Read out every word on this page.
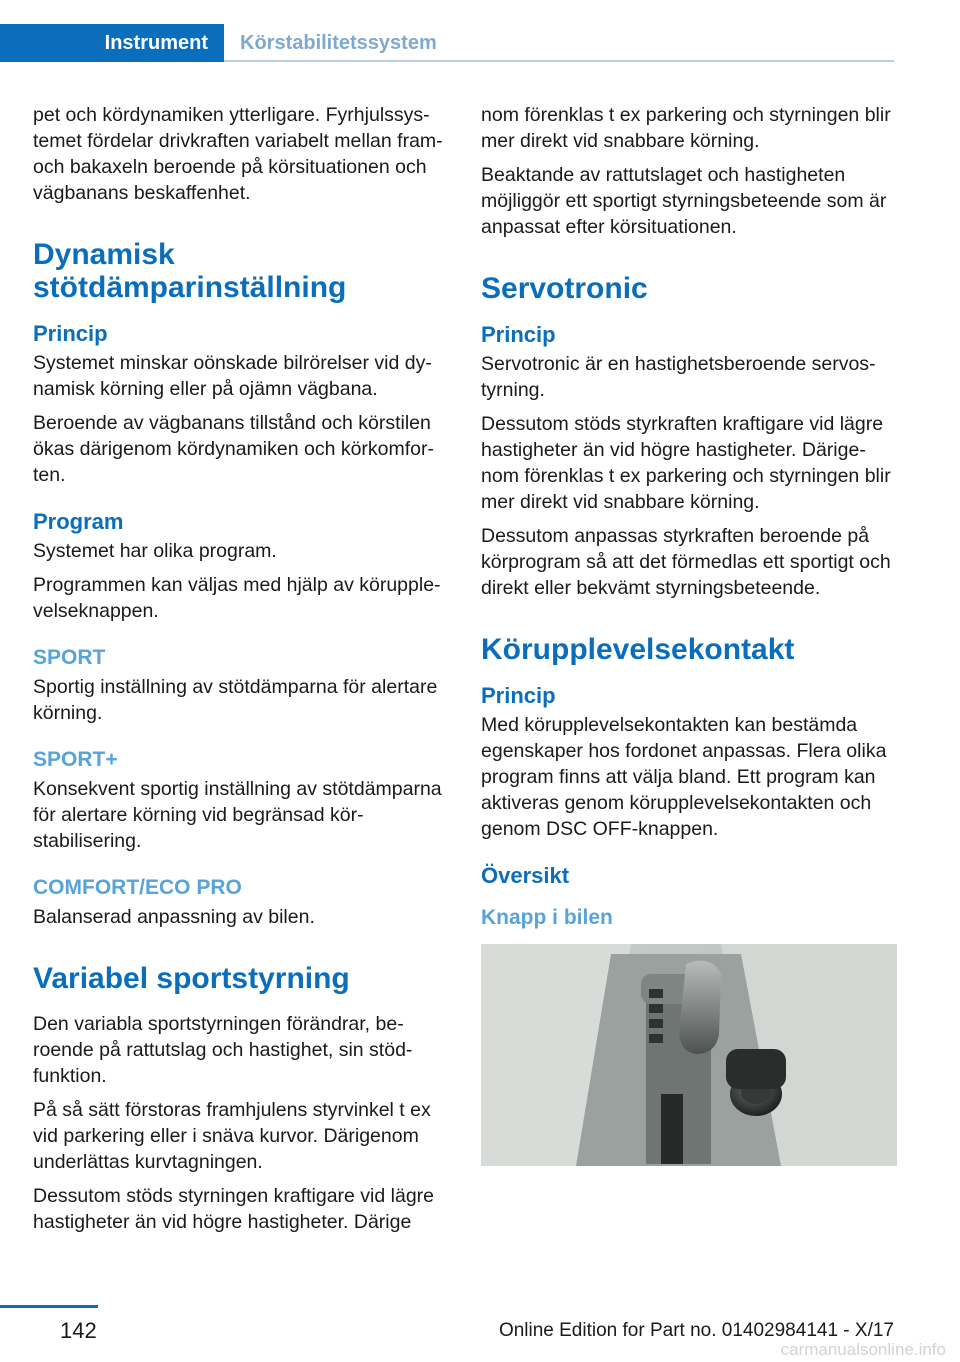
Instrument	Körstabilitetssystem

pet och kördynamiken ytterligare. Fyrhjulssystemet fördelar drivkraften variabelt mellan fram- och bakaxeln beroende på körsituationen och vägbanans beskaffenhet.

Dynamisk stötdämparinställning
Princip

Systemet minskar oönskade bilrörelser vid dynamisk körning eller på ojämn vägbana.

Beroende av vägbanans tillstånd och körstilen ökas därigenom kördynamiken och körkomforten.

Program

Systemet har olika program.

Programmen kan väljas med hjälp av körupplevelseknappen.

SPORT

Sportig inställning av stötdämparna för alertare körning.

SPORT+

Konsekvent sportig inställning av stötdämparna för alertare körning vid begränsad körstabilisering.

COMFORT/ECO PRO

Balanserad anpassning av bilen.

Variabel sportstyrning

Den variabla sportstyrningen förändrar, beroende på rattutslag och hastighet, sin stödfunktion.

På så sätt förstoras framhjulens styrvinkel t ex vid parkering eller i snäva kurvor. Därigenom underlättas kurvtagningen.

Dessutom stöds styrningen kraftigare vid lägre hastigheter än vid högre hastigheter. Därige

nom förenklas t ex parkering och styrningen blir mer direkt vid snabbare körning.

Beaktande av rattutslaget och hastigheten möjliggör ett sportigt styrningsbeteende som är anpassat efter körsituationen.

Servotronic
Princip

Servotronic är en hastighetsberoende servostyrning.

Dessutom stöds styrkraften kraftigare vid lägre hastigheter än vid högre hastigheter. Därigenom förenklas t ex parkering och styrningen blir mer direkt vid snabbare körning.

Dessutom anpassas styrkraften beroende på körprogram så att det förmedlas ett sportigt och direkt eller bekvämt styrningsbeteende.

Körupplevelsekontakt
Princip

Med körupplevelsekontakten kan bestämda egenskaper hos fordonet anpassas. Flera olika program finns att välja bland. Ett program kan aktiveras genom körupplevelsekontakten och genom DSC OFF-knappen.

Översikt
Knapp i bilen
142	Online Edition for Part no. 01402984141 - X/17
carmanualsonline.info
